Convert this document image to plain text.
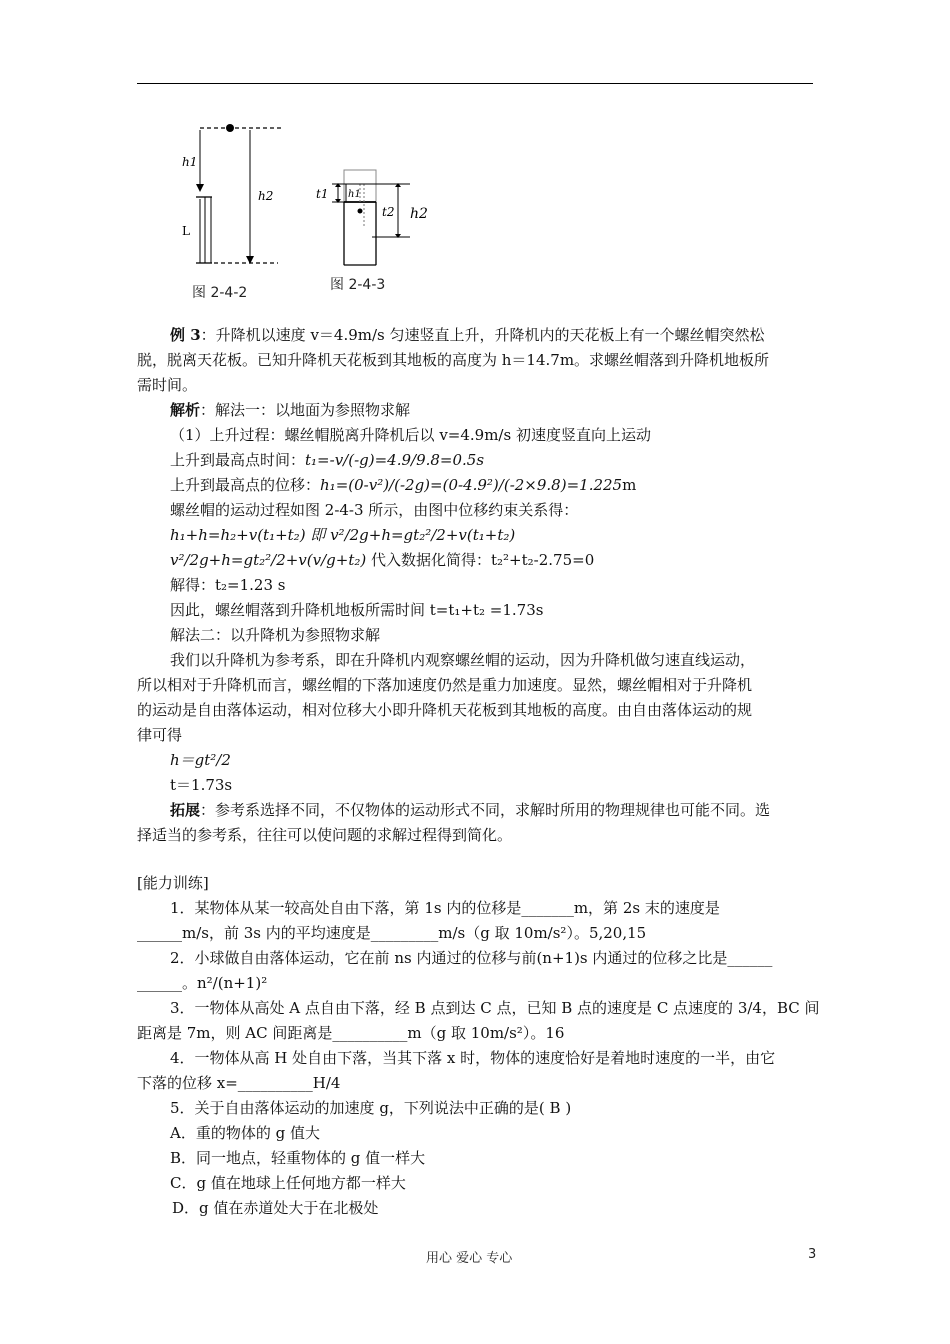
h1
L
h2	t1 h1
t2 h2
图 2-4-2	图 2-4-3
例 3：升降机以速度 v＝4.9m/s 匀速竖直上升，升降机内的天花板上有一个螺丝帽突然松
脱，脱离天花板。已知升降机天花板到其地板的高度为 h＝14.7m。求螺丝帽落到升降机地板所
需时间。
解析：解法一：以地面为参照物求解
（1）上升过程：螺丝帽脱离升降机后以 v=4.9m/s 初速度竖直向上运动
上升到最高点时间：t₁=-v/(-g)=4.9/9.8=0.5s
上升到最高点的位移：h₁=(0-v²)/(-2g)=(0-4.9²)/(-2×9.8)=1.225m
螺丝帽的运动过程如图 2-4-3 所示，由图中位移约束关系得：
h₁+h=h₂+v(t₁+t₂) 即 v²/2g+h=gt₂²/2+v(t₁+t₂)
v²/2g+h=gt₂²/2+v(v/g+t₂) 代入数据化简得：t₂²+t₂-2.75=0
解得：t₂=1.23 s
因此，螺丝帽落到升降机地板所需时间 t=t₁+t₂ =1.73s
解法二：以升降机为参照物求解
我们以升降机为参考系，即在升降机内观察螺丝帽的运动，因为升降机做匀速直线运动，
所以相对于升降机而言，螺丝帽的下落加速度仍然是重力加速度。显然，螺丝帽相对于升降机
的运动是自由落体运动，相对位移大小即升降机天花板到其地板的高度。由自由落体运动的规
律可得
h＝gt²/2
t＝1.73s
拓展：参考系选择不同，不仅物体的运动形式不同，求解时所用的物理规律也可能不同。选
择适当的参考系，往往可以使问题的求解过程得到简化。
[能力训练]
1．某物体从某一较高处自由下落，第 1s 内的位移是_______m，第 2s 末的速度是
______m/s，前 3s 内的平均速度是_________m/s（g 取 10m/s²）。5,20,15
2．小球做自由落体运动，它在前 ns 内通过的位移与前(n+1)s 内通过的位移之比是______
______。n²/(n+1)²
3．一物体从高处 A 点自由下落，经 B 点到达 C 点，已知 B 点的速度是 C 点速度的 3/4，BC 间
距离是 7m，则 AC 间距离是__________m（g 取 10m/s²）。16
4．一物体从高 H 处自由下落，当其下落 x 时，物体的速度恰好是着地时速度的一半，由它
下落的位移 x=__________H/4
5．关于自由落体运动的加速度 g，下列说法中正确的是( B )
A．重的物体的 g 值大
B．同一地点，轻重物体的 g 值一样大
C．g 值在地球上任何地方都一样大
D．g 值在赤道处大于在北极处
用心 爱心 专心	3
